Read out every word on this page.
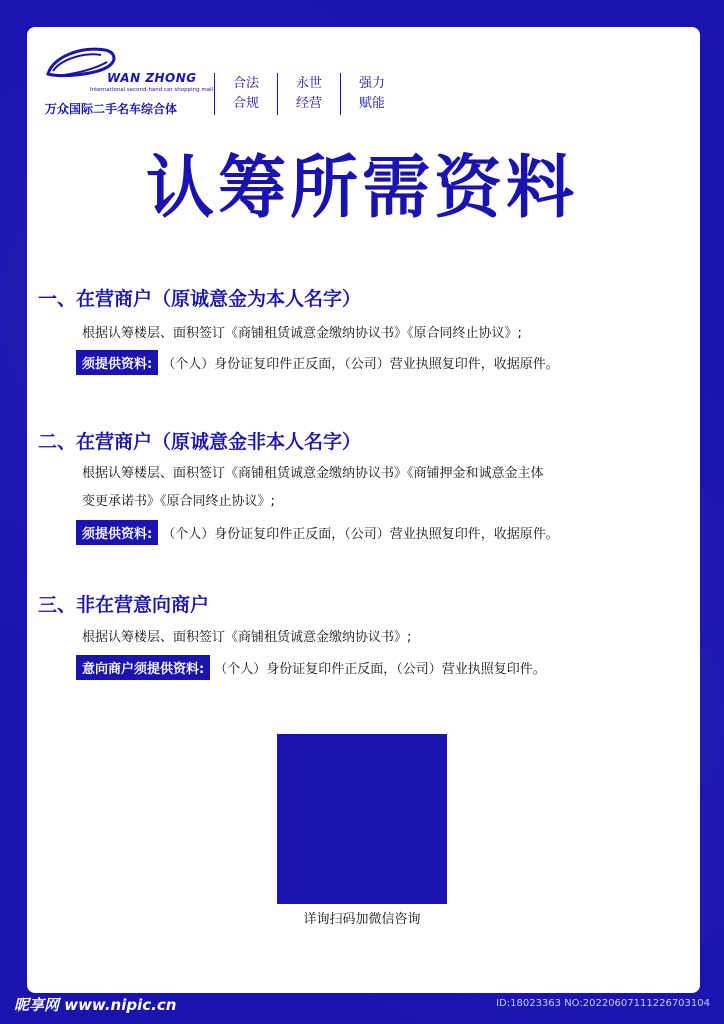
WAN ZHONG
International second-hand car shopping mall
万众国际二手名车综合体
合法
合规
永世
经营
强力
赋能
认筹所需资料
一、在营商户（原诚意金为本人名字）
根据认筹楼层、面积签订《商铺租赁诚意金缴纳协议书》《原合同终止协议》;
须提供资料: （个人）身份证复印件正反面，（公司）营业执照复印件，收据原件。
二、在营商户（原诚意金非本人名字）
根据认筹楼层、面积签订《商铺租赁诚意金缴纳协议书》《商铺押金和诚意金主体
变更承诺书》《原合同终止协议》;
须提供资料: （个人）身份证复印件正反面，（公司）营业执照复印件，收据原件。
三、非在营意向商户
根据认筹楼层、面积签订《商铺租赁诚意金缴纳协议书》;
意向商户须提供资料: （个人）身份证复印件正反面，（公司）营业执照复印件。
详询扫码加微信咨询
昵享网 www.nipic.cn	ID:18023363 NO:20220607111226703104
